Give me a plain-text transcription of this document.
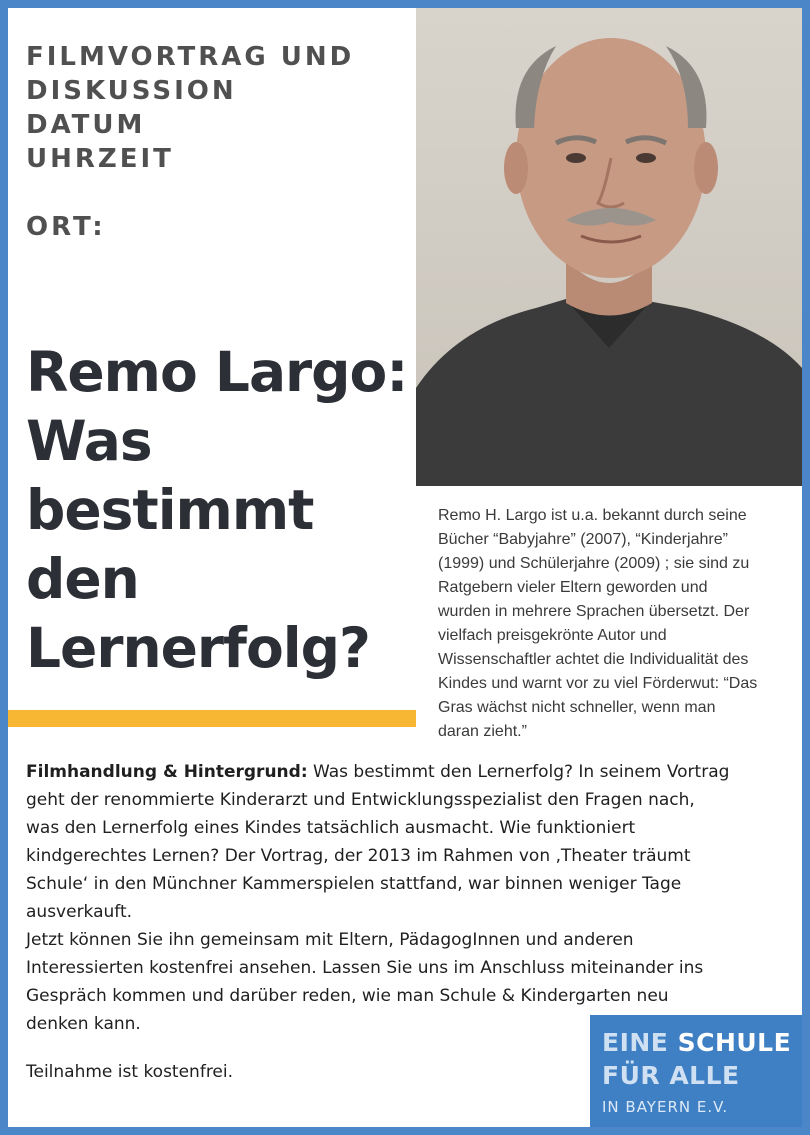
FILMVORTRAG UND
DISKUSSION
DATUM
UHRZEIT
ORT:
Remo Largo:
Was
bestimmt
den
Lernerfolg?
Remo H. Largo ist u.a. bekannt durch seine
Bücher “Babyjahre” (2007), “Kinderjahre”
(1999) und Schülerjahre (2009) ; sie sind zu
Ratgebern vieler Eltern geworden und
wurden in mehrere Sprachen übersetzt. Der
vielfach preisgekrönte Autor und
Wissenschaftler achtet die Individualität des
Kindes und warnt vor zu viel Förderwut: “Das
Gras wächst nicht schneller, wenn man
daran zieht.”
Filmhandlung & Hintergrund: Was bestimmt den Lernerfolg? In seinem Vortrag
geht der renommierte Kinderarzt und Entwicklungsspezialist den Fragen nach,
was den Lernerfolg eines Kindes tatsächlich ausmacht. Wie funktioniert
kindgerechtes Lernen? Der Vortrag, der 2013 im Rahmen von ‚Theater träumt
Schule‘ in den Münchner Kammerspielen stattfand, war binnen weniger Tage
ausverkauft.
Jetzt können Sie ihn gemeinsam mit Eltern, PädagogInnen und anderen
Interessierten kostenfrei ansehen. Lassen Sie uns im Anschluss miteinander ins
Gespräch kommen und darüber reden, wie man Schule & Kindergarten neu
denken kann.
Teilnahme ist kostenfrei.
EINE SCHULE
FÜR ALLE
IN BAYERN E.V.
